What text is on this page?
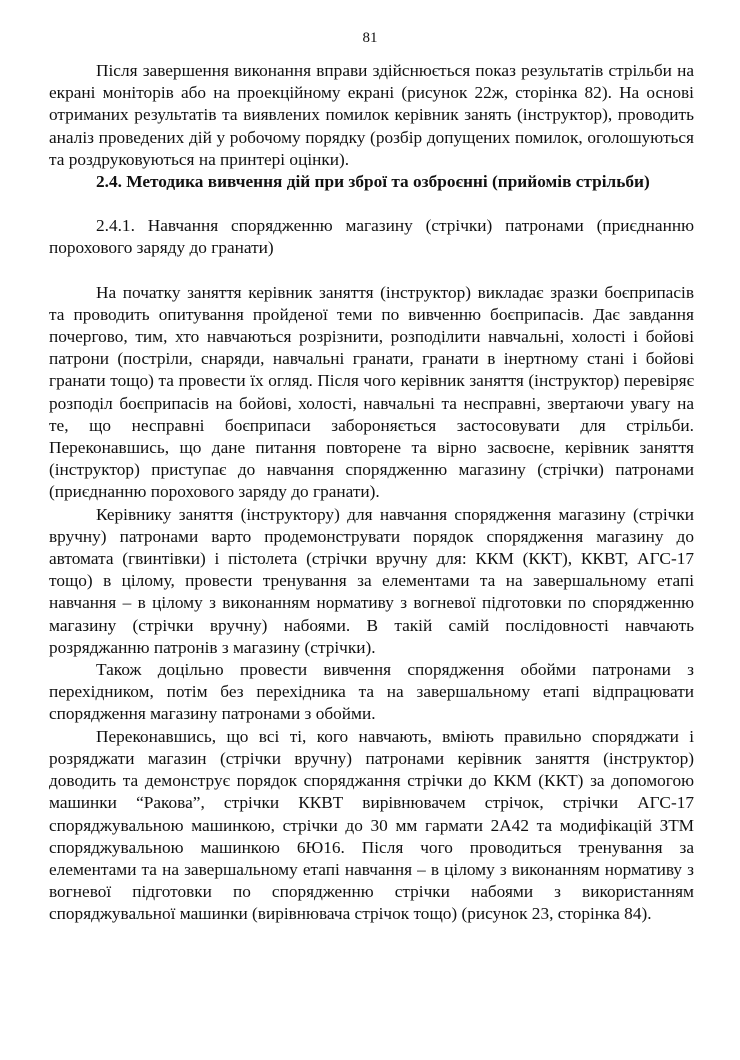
81

Після завершення виконання вправи здійснюється показ результатів стрільби на екрані моніторів або на проекційному екрані (рисунок 22ж, сторінка 82). На основі отриманих результатів та виявлених помилок керівник занять (інструктор), проводить аналіз проведених дій у робочому порядку (розбір допущених помилок, оголошуються та роздруковуються на принтері оцінки).

2.4. Методика вивчення дій при зброї та озброєнні (прийомів стрільби)

2.4.1. Навчання спорядженню магазину (стрічки) патронами (приєднанню порохового заряду до гранати)

На початку заняття керівник заняття (інструктор) викладає зразки боєприпасів та проводить опитування пройденої теми по вивченню боєприпасів. Дає завдання почергово, тим, хто навчаються розрізнити, розподілити навчальні, холості і бойові патрони (постріли, снаряди, навчальні гранати, гранати в інертному стані і бойові гранати тощо) та провести їх огляд. Після чого керівник заняття (інструктор) перевіряє розподіл боєприпасів на бойові, холості, навчальні та несправні, звертаючи увагу на те, що несправні боєприпаси забороняється застосовувати для стрільби. Переконавшись, що дане питання повторене та вірно засвоєне, керівник заняття (інструктор) приступає до навчання спорядженню магазину (стрічки) патронами (приєднанню порохового заряду до гранати).

Керівнику заняття (інструктору) для навчання спорядження магазину (стрічки вручну) патронами варто продемонструвати порядок спорядження магазину до автомата (гвинтівки) і пістолета (стрічки вручну для: ККМ (ККТ), ККВТ, АГС-17 тощо) в цілому, провести тренування за елементами та на завершальному етапі навчання – в цілому з виконанням нормативу з вогневої підготовки по спорядженню магазину (стрічки вручну) набоями. В такій самій послідовності навчають розряджанню патронів з магазину (стрічки).

Також доцільно провести вивчення спорядження обойми патронами з перехідником, потім без перехідника та на завершальному етапі відпрацювати спорядження магазину патронами з обойми.

Переконавшись, що всі ті, кого навчають, вміють правильно споряджати і розряджати магазин (стрічки вручну) патронами керівник заняття (інструктор) доводить та демонструє порядок споряджання стрічки до ККМ (ККТ) за допомогою машинки “Ракова”, стрічки ККВТ вирівнювачем стрічок, стрічки АГС-17 споряджувальною машинкою, стрічки до 30 мм гармати 2А42 та модифікацій ЗТМ споряджувальною машинкою 6Ю16. Після чого проводиться тренування за елементами та на завершальному етапі навчання – в цілому з виконанням нормативу з вогневої підготовки по спорядженню стрічки набоями з використанням споряджувальної машинки (вирівнювача стрічок тощо) (рисунок 23, сторінка 84).
